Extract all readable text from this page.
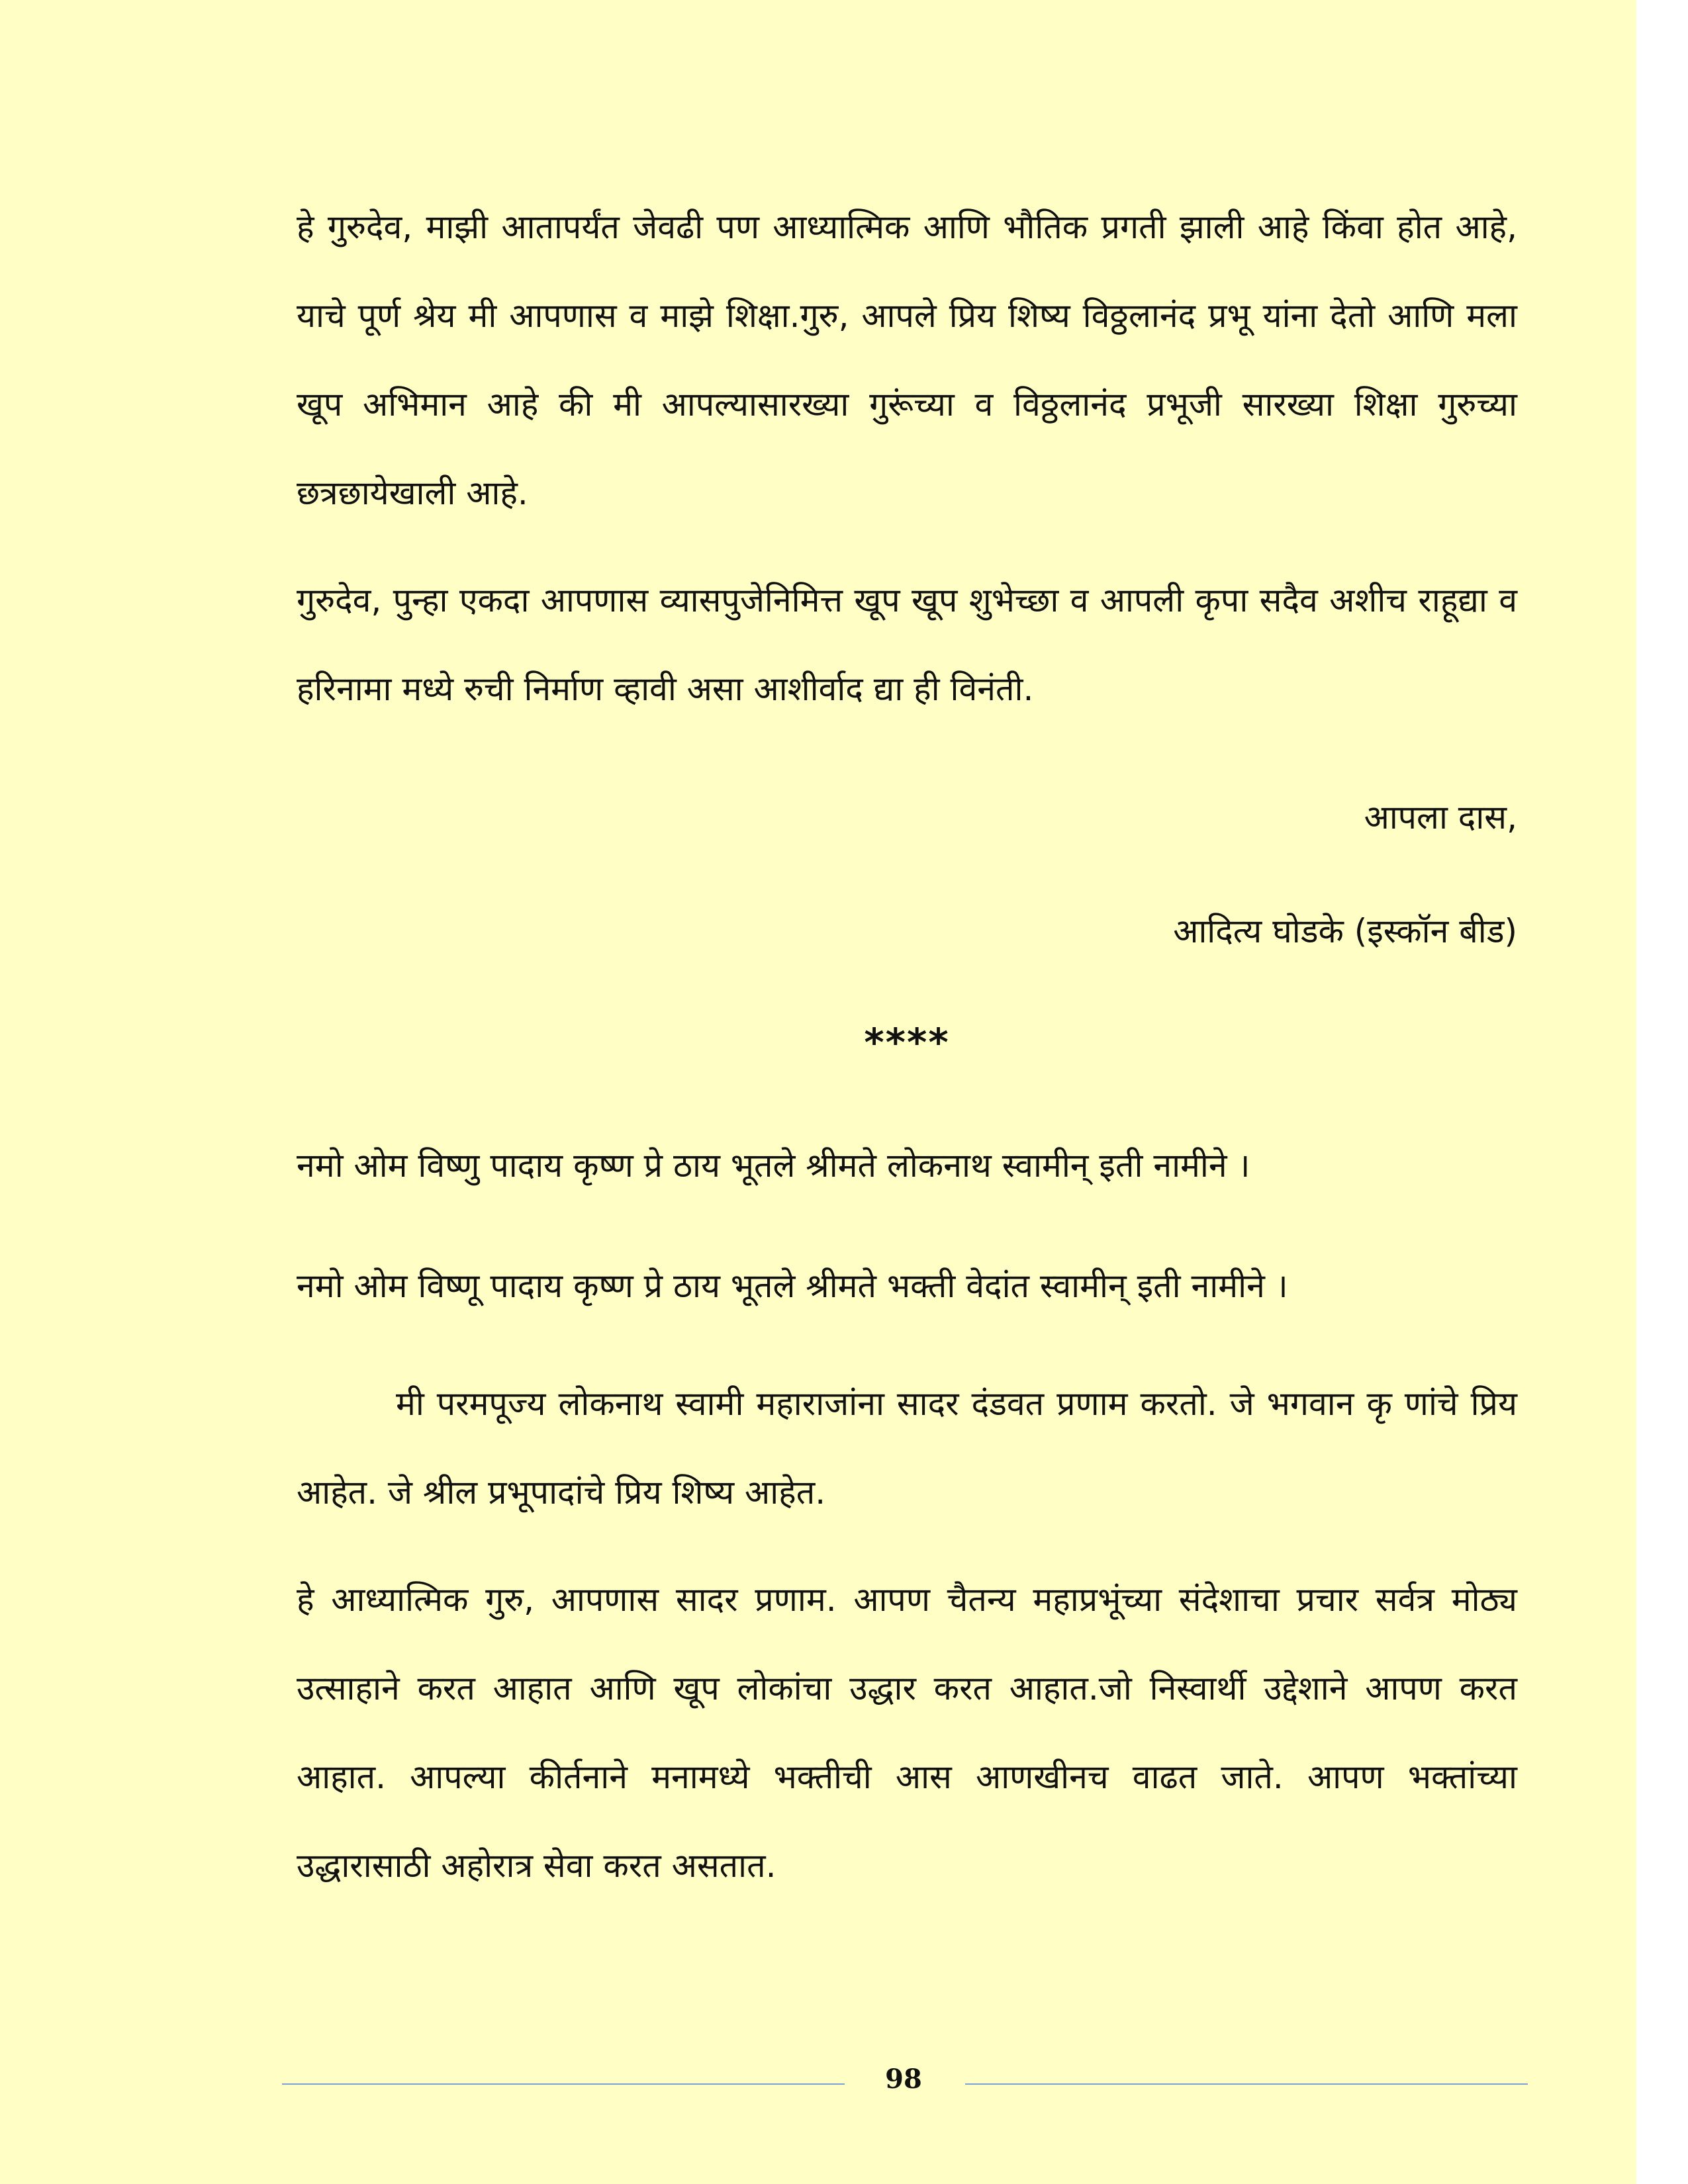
हे गुरुदेव, माझी आतापर्यंत जेवढी पण आध्यात्मिक आणि भौतिक प्रगती झाली आहे किंवा होत आहे, याचे पूर्ण श्रेय मी आपणास व माझे शिक्षा.गुरु, आपले प्रिय शिष्य विठ्ठलानंद प्रभू यांना देतो आणि मला खूप अभिमान आहे की मी आपल्यासारख्या गुरूंच्या व विठ्ठलानंद प्रभूजी सारख्या शिक्षा गुरुच्या छत्रछायेखाली आहे.

गुरुदेव, पुन्हा एकदा आपणास व्यासपुजेनिमित्त खूप खूप शुभेच्छा व आपली कृपा सदैव अशीच राहूद्या व हरिनामा मध्ये रुची निर्माण व्हावी असा आशीर्वाद द्या ही विनंती.

आपला दास,
आदित्य घोडके (इस्कॉन बीड)
****

नमो ओम विष्णु पादाय कृष्ण प्रे ठाय भूतले श्रीमते लोकनाथ स्वामीन् इती नामीने ।

नमो ओम विष्णू पादाय कृष्ण प्रे ठाय भूतले श्रीमते भक्ती वेदांत स्वामीन् इती नामीने ।

मी परमपूज्य लोकनाथ स्वामी महाराजांना सादर दंडवत प्रणाम करतो. जे भगवान कृ णांचे प्रिय आहेत. जे श्रील प्रभूपादांचे प्रिय शिष्य आहेत.

हे आध्यात्मिक गुरु, आपणास सादर प्रणाम. आपण चैतन्य महाप्रभूंच्या संदेशाचा प्रचार सर्वत्र मोठ्य उत्साहाने करत आहात आणि खूप लोकांचा उद्धार करत आहात.जो निस्वार्थी उद्देशाने आपण करत आहात. आपल्या कीर्तनाने मनामध्ये भक्तीची आस आणखीनच वाढत जाते. आपण भक्तांच्या उद्धारासाठी अहोरात्र सेवा करत असतात.

98
